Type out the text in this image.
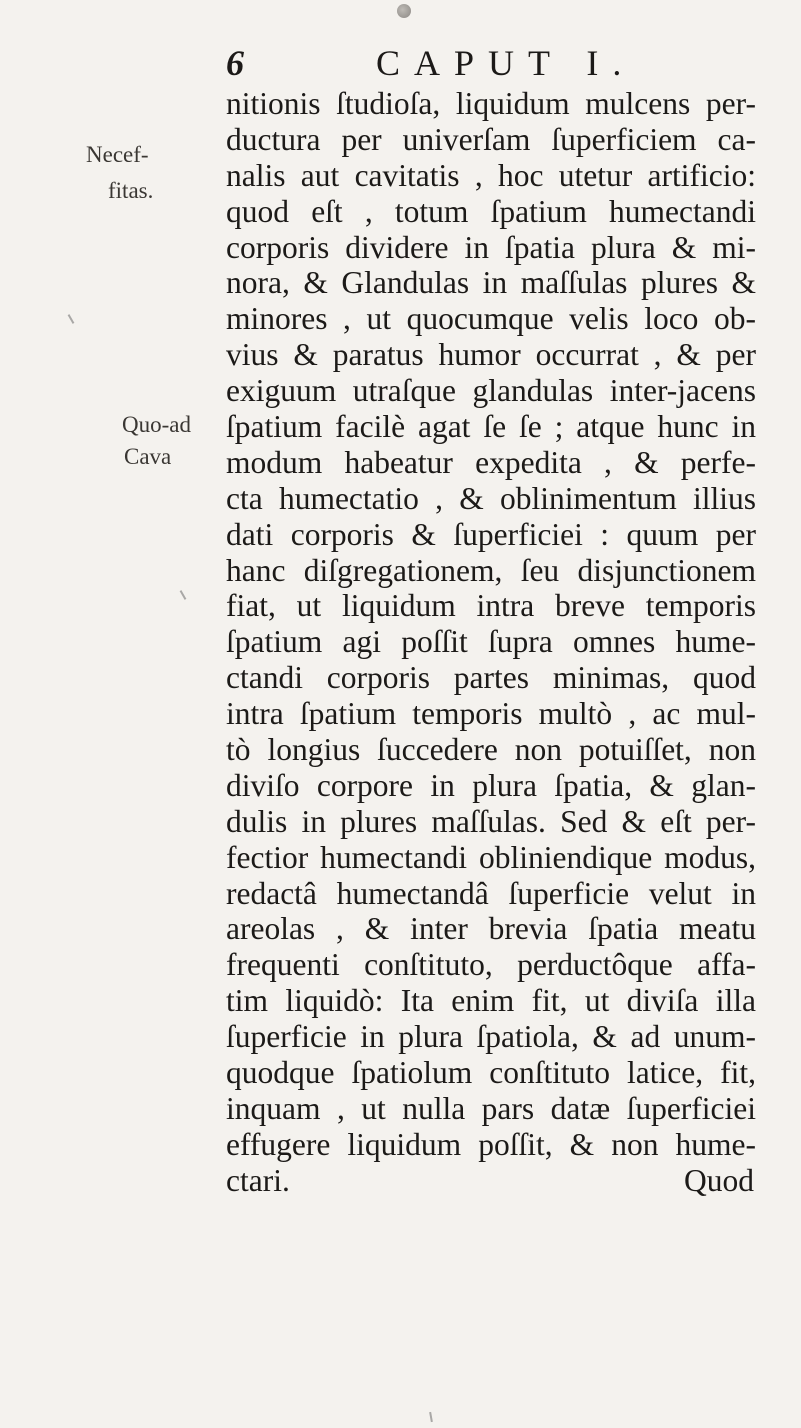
6	CAPUT I.
Necef-
fitas.
Quo-ad
Cava
nitionis ſtudioſa, liquidum mulcens per-
ductura per univerſam ſuperficiem ca-
nalis aut cavitatis , hoc utetur artificio:
quod eſt , totum ſpatium humectandi
corporis dividere in ſpatia plura & mi-
nora, & Glandulas in maſſulas plures &
minores , ut quocumque velis loco ob-
vius & paratus humor occurrat , & per
exiguum utraſque glandulas inter-jacens
ſpatium facilè agat ſe ſe ; atque hunc in
modum habeatur expedita , & perfe-
cta humectatio , & oblinimentum illius
dati corporis & ſuperficiei : quum per
hanc diſgregationem, ſeu disjunctionem
fiat, ut liquidum intra breve temporis
ſpatium agi poſſit ſupra omnes hume-
ctandi corporis partes minimas, quod
intra ſpatium temporis multò , ac mul-
tò longius ſuccedere non potuiſſet, non
diviſo corpore in plura ſpatia, & glan-
dulis in plures maſſulas. Sed & eſt per-
fectior humectandi obliniendique modus,
redactâ humectandâ ſuperficie velut in
areolas , & inter brevia ſpatia meatu
frequenti conſtituto, perductôque affa-
tim liquidò: Ita enim fit, ut diviſa illa
ſuperficie in plura ſpatiola, & ad unum-
quodque ſpatiolum conſtituto latice, fit,
inquam , ut nulla pars datæ ſuperficiei
effugere liquidum poſſit, & non hume-
ctari.	Quod
